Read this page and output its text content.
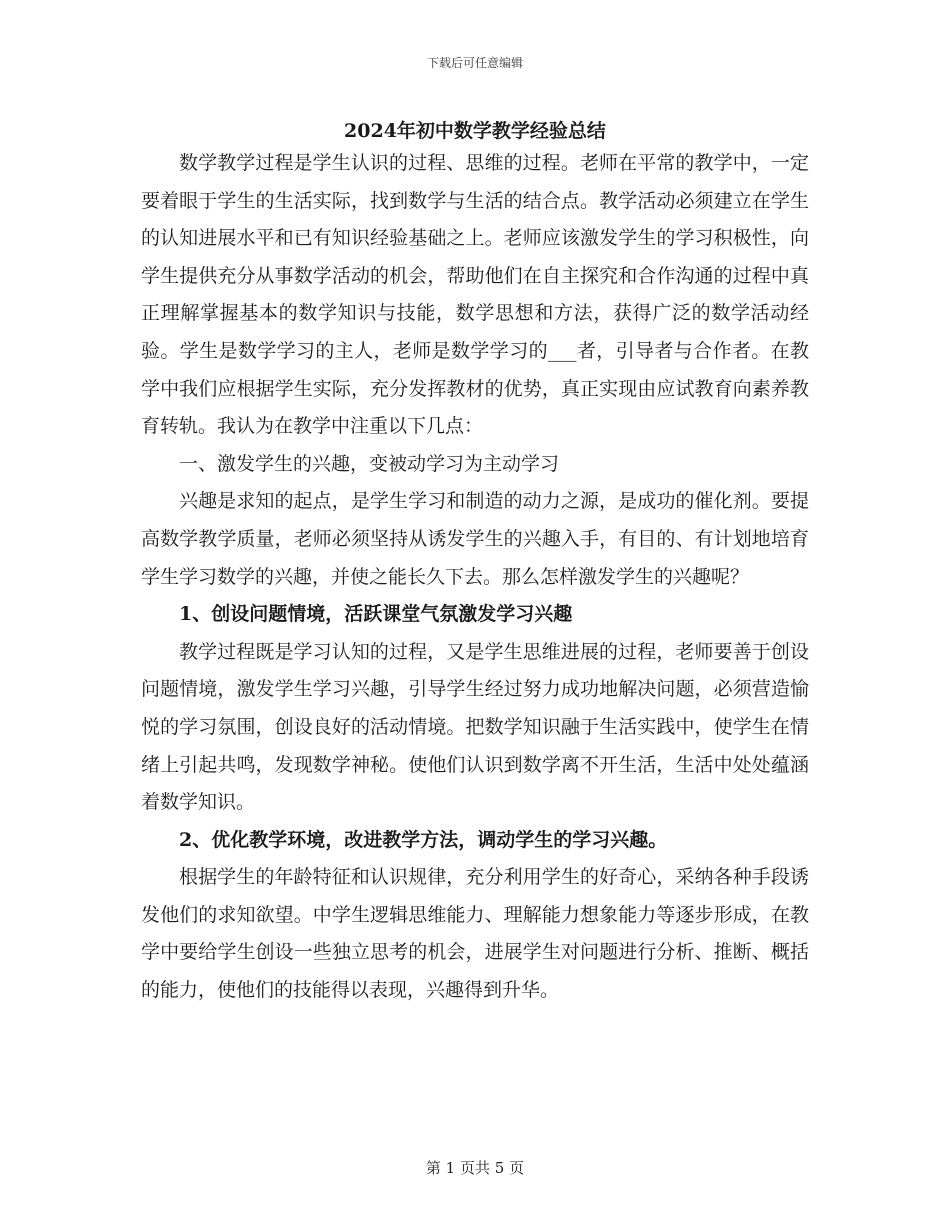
下载后可任意编辑
2024年初中数学教学经验总结

数学教学过程是学生认识的过程、思维的过程。老师在平常的教学中，一定要着眼于学生的生活实际，找到数学与生活的结合点。教学活动必须建立在学生的认知进展水平和已有知识经验基础之上。老师应该激发学生的学习积极性，向学生提供充分从事数学活动的机会，帮助他们在自主探究和合作沟通的过程中真正理解掌握基本的数学知识与技能，数学思想和方法，获得广泛的数学活动经验。学生是数学学习的主人，老师是数学学习的___者，引导者与合作者。在教学中我们应根据学生实际，充分发挥教材的优势，真正实现由应试教育向素养教育转轨。我认为在教学中注重以下几点：

一、激发学生的兴趣，变被动学习为主动学习

兴趣是求知的起点，是学生学习和制造的动力之源，是成功的催化剂。要提高数学教学质量，老师必须坚持从诱发学生的兴趣入手，有目的、有计划地培育学生学习数学的兴趣，并使之能长久下去。那么怎样激发学生的兴趣呢？

1、创设问题情境，活跃课堂气氛激发学习兴趣

教学过程既是学习认知的过程，又是学生思维进展的过程，老师要善于创设问题情境，激发学生学习兴趣，引导学生经过努力成功地解决问题，必须营造愉悦的学习氛围，创设良好的活动情境。把数学知识融于生活实践中，使学生在情绪上引起共鸣，发现数学神秘。使他们认识到数学离不开生活，生活中处处蕴涵着数学知识。

2、优化教学环境，改进教学方法，调动学生的学习兴趣。

根据学生的年龄特征和认识规律，充分利用学生的好奇心，采纳各种手段诱发他们的求知欲望。中学生逻辑思维能力、理解能力想象能力等逐步形成，在教学中要给学生创设一些独立思考的机会，进展学生对问题进行分析、推断、概括的能力，使他们的技能得以表现，兴趣得到升华。

第 1 页共 5 页
